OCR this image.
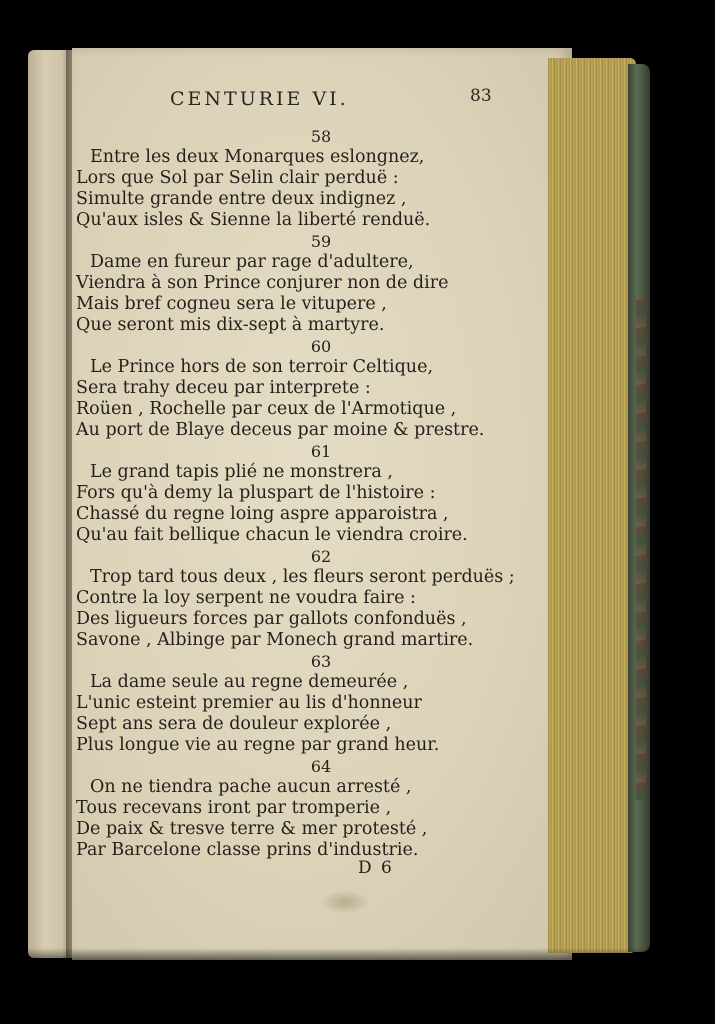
CENTURIE VI.	83
58
Entre les deux Monarques eslongnez,
Lors que Sol par Selin clair perduë :
Simulte grande entre deux indignez ,
Qu'aux isles & Sienne la liberté renduë.
59
Dame en fureur par rage d'adultere,
Viendra à son Prince conjurer non de dire
Mais bref cogneu sera le vitupere ,
Que seront mis dix-sept à martyre.
60
Le Prince hors de son terroir Celtique,
Sera trahy deceu par interprete :
Roüen , Rochelle par ceux de l'Armotique ,
Au port de Blaye deceus par moine & prestre.
61
Le grand tapis plié ne monstrera ,
Fors qu'à demy la pluspart de l'histoire :
Chassé du regne loing aspre apparoistra ,
Qu'au fait bellique chacun le viendra croire.
62
Trop tard tous deux , les fleurs seront perduës ;
Contre la loy serpent ne voudra faire :
Des ligueurs forces par gallots confonduës ,
Savone , Albinge par Monech grand martire.
63
La dame seule au regne demeurée ,
L'unic esteint premier au lis d'honneur
Sept ans sera de douleur explorée ,
Plus longue vie au regne par grand heur.
64
On ne tiendra pache aucun arresté ,
Tous recevans iront par tromperie ,
De paix & tresve terre & mer protesté ,
Par Barcelone classe prins d'industrie.
D 6
